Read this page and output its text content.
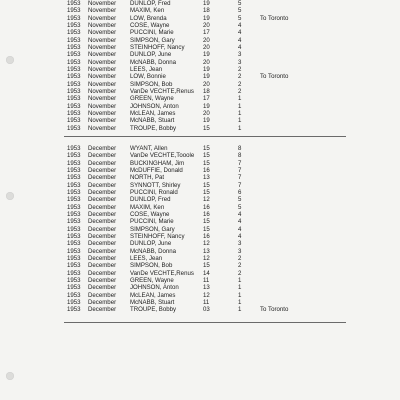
1953	November	DUNLOP, Fred	19	5
1953	November	MAXIM, Ken	18	5
1953	November	LOW, Brenda	19	5	To Toronto
1953	November	COSE, Wayne	20	4
1953	November	PUCCINI, Marie	17	4
1953	November	SIMPSON, Gary	20	4
1953	November	STEINHOFF, Nancy	20	4
1953	November	DUNLOP, June	19	3
1953	November	McNABB, Donna	20	3
1953	November	LEES, Jean	19	2
1953	November	LOW, Bonnie	19	2	To Toronto
1953	November	SIMPSON, Bob	20	2
1953	November	VanDe VECHTE,Renus	18	2
1953	November	GREEN, Wayne	17	1
1953	November	JOHNSON, Anton	19	1
1953	November	McLEAN, James	20	1
1953	November	McNABB, Stuart	19	1
1953	November	TROUPE, Bobby	15	1
1953	December	WYANT, Allen	15	8
1953	December	VanDe VECHTE,Tooole	15	8
1953	December	BUCKINGHAM, Jim	15	7
1953	December	McDUFFIE, Donald	16	7
1953	December	NORTH, Pat	13	7
1953	December	SYNNOTT, Shirley	15	7
1953	December	PUCCINI, Ronald	15	6
1953	December	DUNLOP, Fred	12	5
1953	December	MAXIM, Ken	16	5
1953	December	COSE, Wayne	16	4
1953	December	PUCCINI, Marie	15	4
1953	December	SIMPSON, Gary	15	4
1953	December	STEINHOFF, Nancy	16	4
1953	December	DUNLOP, June	12	3
1953	December	McNABB, Donna	13	3
1953	December	LEES, Jean	12	2
1953	December	SIMPSON, Bob	15	2
1953	December	VanDe VECHTE,Renus	14	2
1953	December	GREEN, Wayne	11	1
1953	December	JOHNSON, Anton	13	1
1953	December	McLEAN, James	12	1
1953	December	McNABB, Stuart	11	1
1953	December	TROUPE, Bobby	03	1	To Toronto
